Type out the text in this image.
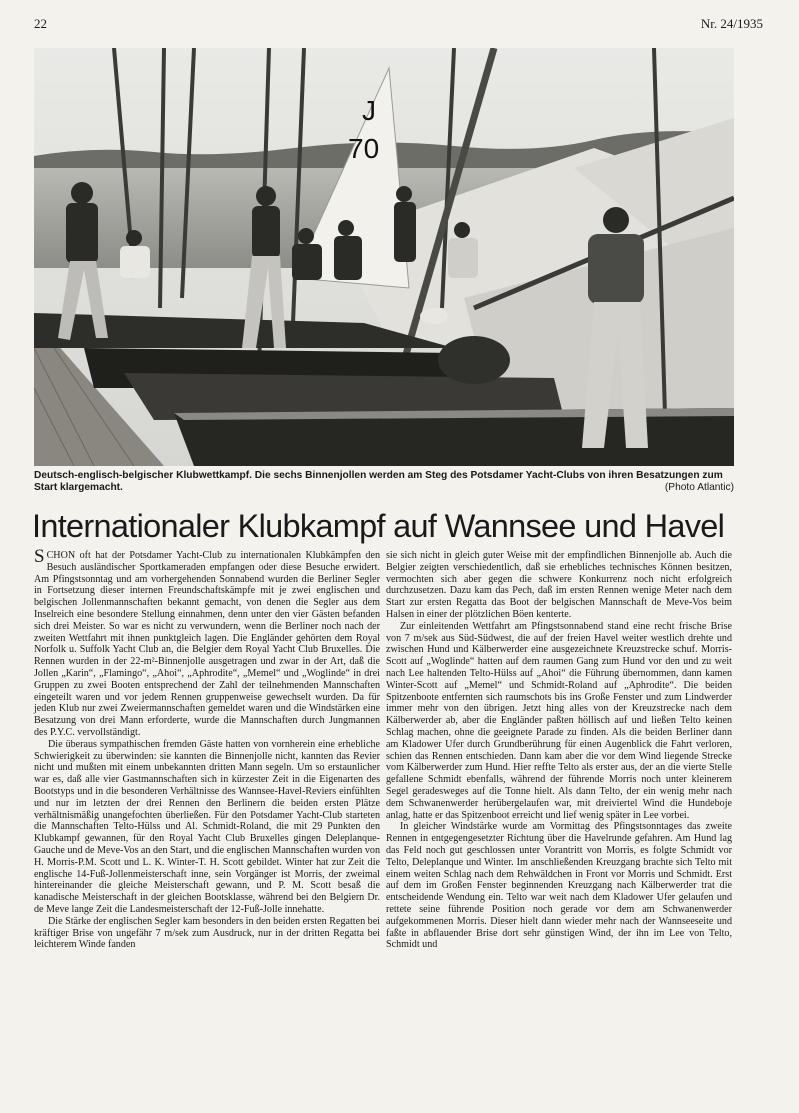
22	Nr. 24/1935
J
70
Deutsch-englisch-belgischer Klubwettkampf. Die sechs Binnenjollen werden am Steg des Potsdamer Yacht-Clubs von ihren Besatzungen zum Start klargemacht.	(Photo Atlantic)
Internationaler Klubkampf auf Wannsee und Havel

SCHON oft hat der Potsdamer Yacht-Club zu internationalen Klubkämpfen den Besuch ausländischer Sportkameraden empfangen oder diese Besuche erwidert. Am Pfingstsonntag und am vorhergehenden Sonnabend wurden die Berliner Segler in Fortsetzung dieser internen Freundschaftskämpfe mit je zwei englischen und belgischen Jollenmannschaften bekannt gemacht, von denen die Segler aus dem Inselreich eine besondere Stellung einnahmen, denn unter den vier Gästen befanden sich drei Meister. So war es nicht zu verwundern, wenn die Berliner noch nach der zweiten Wettfahrt mit ihnen punktgleich lagen. Die Engländer gehörten dem Royal Norfolk u. Suffolk Yacht Club an, die Belgier dem Royal Yacht Club Bruxelles. Die Rennen wurden in der 22-m²-Binnenjolle ausgetragen und zwar in der Art, daß die Jollen „Karin“, „Flamingo“, „Ahoi“, „Aphrodite“, „Memel“ und „Woglinde“ in drei Gruppen zu zwei Booten entsprechend der Zahl der teilnehmenden Mannschaften eingeteilt waren und vor jedem Rennen gruppenweise gewechselt wurden. Da für jeden Klub nur zwei Zweiermannschaften gemeldet waren und die Windstärken eine Besatzung von drei Mann erforderte, wurde die Mannschaften durch Jungmannen des P.Y.C. vervollständigt.

Die überaus sympathischen fremden Gäste hatten von vornherein eine erhebliche Schwierigkeit zu überwinden: sie kannten die Binnenjolle nicht, kannten das Revier nicht und mußten mit einem unbekannten dritten Mann segeln. Um so erstaunlicher war es, daß alle vier Gastmannschaften sich in kürzester Zeit in die Eigenarten des Bootstyps und in die besonderen Verhältnisse des Wannsee-Havel-Reviers einfühlten und nur im letzten der drei Rennen den Berlinern die beiden ersten Plätze verhältnismäßig unangefochten überließen. Für den Potsdamer Yacht-Club starteten die Mannschaften Telto-Hülss und Al. Schmidt-Roland, die mit 29 Punkten den Klubkampf gewannen, für den Royal Yacht Club Bruxelles gingen Deleplanque-Gauche und de Meve-Vos an den Start, und die englischen Mannschaften wurden von H. Morris-P.M. Scott und L. K. Winter-T. H. Scott gebildet. Winter hat zur Zeit die englische 14-Fuß-Jollenmeisterschaft inne, sein Vorgänger ist Morris, der zweimal hintereinander die gleiche Meisterschaft gewann, und P. M. Scott besaß die kanadische Meisterschaft in der gleichen Bootsklasse, während bei den Belgiern Dr. de Meve lange Zeit die Landesmeisterschaft der 12-Fuß-Jolle innehatte.

Die Stärke der englischen Segler kam besonders in den beiden ersten Regatten bei kräftiger Brise von ungefähr 7 m/sek zum Ausdruck, nur in der dritten Regatta bei leichterem Winde fanden

sie sich nicht in gleich guter Weise mit der empfindlichen Binnenjolle ab. Auch die Belgier zeigten verschiedentlich, daß sie erhebliches technisches Können besitzen, vermochten sich aber gegen die schwere Konkurrenz noch nicht erfolgreich durchzusetzen. Dazu kam das Pech, daß im ersten Rennen wenige Meter nach dem Start zur ersten Regatta das Boot der belgischen Mannschaft de Meve-Vos beim Halsen in einer der plötzlichen Böen kenterte.

Zur einleitenden Wettfahrt am Pfingstsonnabend stand eine recht frische Brise von 7 m/sek aus Süd-Südwest, die auf der freien Havel weiter westlich drehte und zwischen Hund und Kälberwerder eine ausgezeichnete Kreuzstrecke schuf. Morris-Scott auf „Woglinde“ hatten auf dem raumen Gang zum Hund vor den und zu weit nach Lee haltenden Telto-Hülss auf „Ahoi“ die Führung übernommen, dann kamen Winter-Scott auf „Memel“ und Schmidt-Roland auf „Aphrodite“. Die beiden Spitzenboote entfernten sich raumschots bis ins Große Fenster und zum Lindwerder immer mehr von den übrigen. Jetzt hing alles von der Kreuzstrecke nach dem Kälberwerder ab, aber die Engländer paßten höllisch auf und ließen Telto keinen Schlag machen, ohne die geeignete Parade zu finden. Als die beiden Berliner dann am Kladower Ufer durch Grundberührung für einen Augenblick die Fahrt verloren, schien das Rennen entschieden. Dann kam aber die vor dem Wind liegende Strecke vom Kälberwerder zum Hund. Hier reffte Telto als erster aus, der an die vierte Stelle gefallene Schmidt ebenfalls, während der führende Morris noch unter kleinerem Segel geradesweges auf die Tonne hielt. Als dann Telto, der ein wenig mehr nach dem Schwanenwerder herübergelaufen war, mit dreiviertel Wind die Hundeboje anlag, hatte er das Spitzenboot erreicht und lief wenig später in Lee vorbei.

In gleicher Windstärke wurde am Vormittag des Pfingstsonntages das zweite Rennen in entgegengesetzter Richtung über die Havelrunde gefahren. Am Hund lag das Feld noch gut geschlossen unter Vorantritt von Morris, es folgte Schmidt vor Telto, Deleplanque und Winter. Im anschließenden Kreuzgang brachte sich Telto mit einem weiten Schlag nach dem Rehwäldchen in Front vor Morris und Schmidt. Erst auf dem im Großen Fenster beginnenden Kreuzgang nach Kälberwerder trat die entscheidende Wendung ein. Telto war weit nach dem Kladower Ufer gelaufen und rettete seine führende Position noch gerade vor dem am Schwanenwerder aufgekommenen Morris. Dieser hielt dann wieder mehr nach der Wannseeseite und faßte in abflauender Brise dort sehr günstigen Wind, der ihn im Lee von Telto, Schmidt und
